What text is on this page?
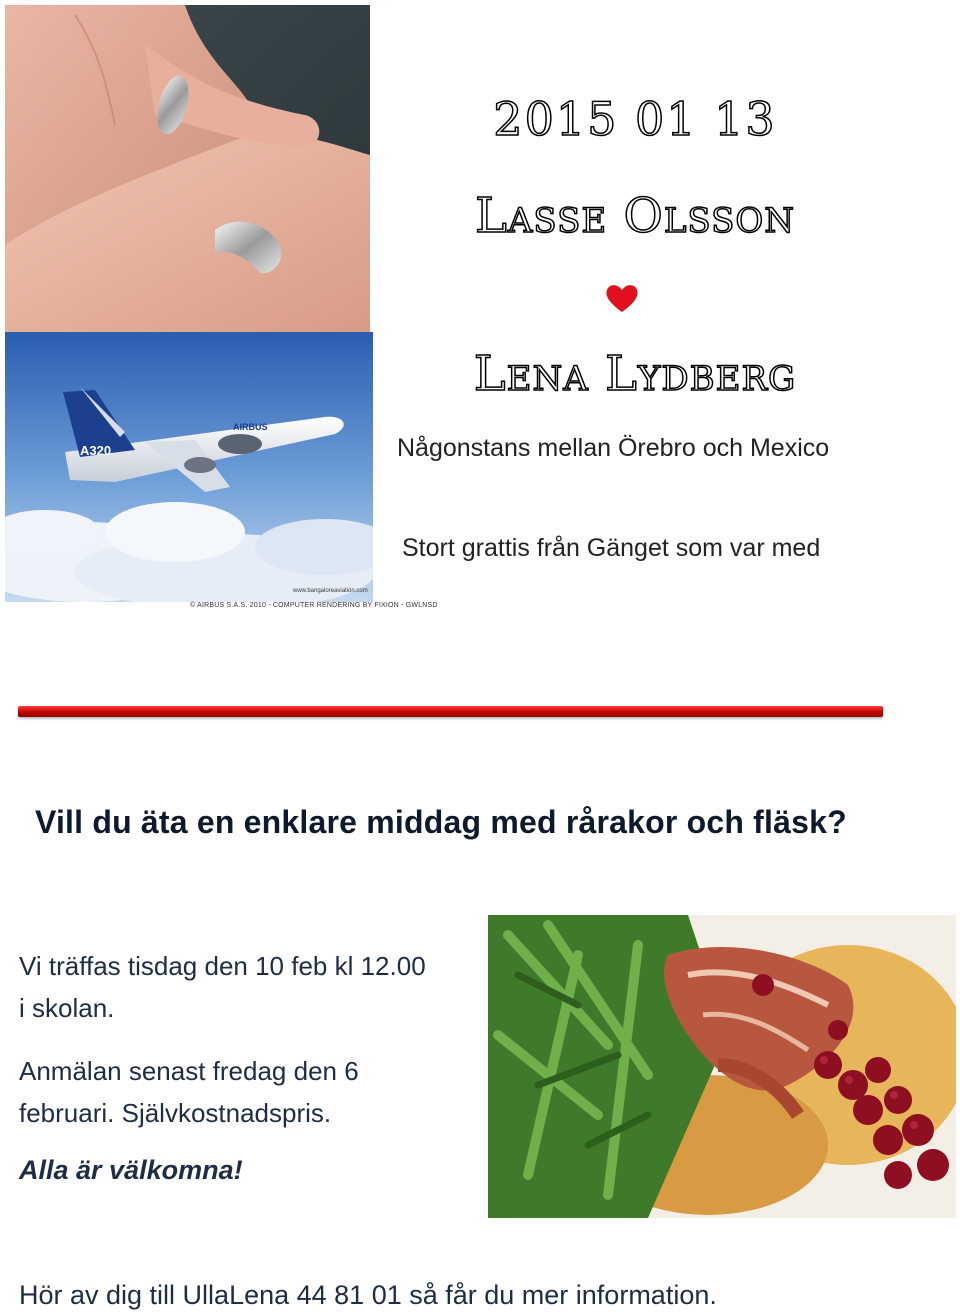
A320
AIRBUS
www.bangaloreaviation.com
© AIRBUS S.A.S. 2010 - COMPUTER RENDERING BY FIXION - GWLNSD
2015 01 13
Lasse Olsson
Lena Lydberg
Någonstans mellan Örebro och Mexico
Stort grattis från Gänget som var med
Vill du äta en enklare middag med rårakor och fläsk?
Vi träffas tisdag den 10 feb kl 12.00
i skolan.
Anmälan senast fredag den 6
februari. Självkostnadspris.
Alla är välkomna!
Hör av dig till UllaLena 44 81 01 så får du mer information.
